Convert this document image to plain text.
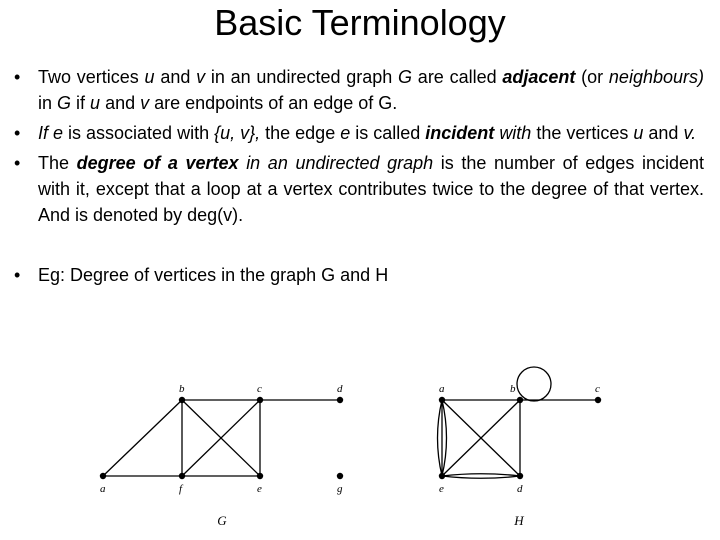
Basic Terminology
• Two vertices u and v in an undirected graph G are called adjacent (or neighbours) in G if u and v are endpoints of an edge of G.
• If e is associated with {u, v}, the edge e is called incident with the vertices u and v.
• The degree of a vertex in an undirected graph is the number of edges incident with it, except that a loop at a vertex contributes twice to the degree of that vertex. And is denoted by deg(v).
• Eg: Degree of vertices in the graph G and H
a
b	c	d
e
f	g
G
a	b	c
d
e
H
